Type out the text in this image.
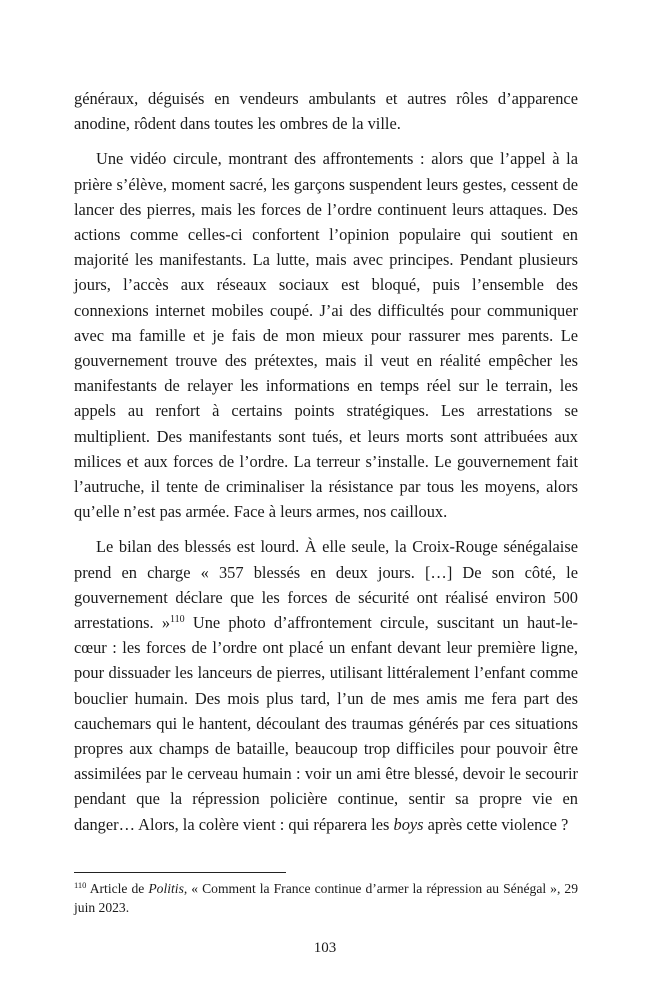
généraux, déguisés en vendeurs ambulants et autres rôles d’apparence anodine, rôdent dans toutes les ombres de la ville.

Une vidéo circule, montrant des affrontements : alors que l’appel à la prière s’élève, moment sacré, les garçons suspendent leurs gestes, cessent de lancer des pierres, mais les forces de l’ordre continuent leurs attaques. Des actions comme celles-ci confortent l’opinion populaire qui soutient en majorité les manifestants. La lutte, mais avec principes. Pendant plusieurs jours, l’accès aux réseaux sociaux est bloqué, puis l’ensemble des connexions internet mobiles coupé. J’ai des difficultés pour communiquer avec ma famille et je fais de mon mieux pour rassurer mes parents. Le gouvernement trouve des prétextes, mais il veut en réalité empêcher les manifestants de relayer les informations en temps réel sur le terrain, les appels au renfort à certains points stratégiques. Les arrestations se multiplient. Des manifestants sont tués, et leurs morts sont attribuées aux milices et aux forces de l’ordre. La terreur s’installe. Le gouvernement fait l’autruche, il tente de criminaliser la résistance par tous les moyens, alors qu’elle n’est pas armée. Face à leurs armes, nos cailloux.

Le bilan des blessés est lourd. À elle seule, la Croix-Rouge sénégalaise prend en charge « 357 blessés en deux jours. […] De son côté, le gouvernement déclare que les forces de sécurité ont réalisé environ 500 arrestations. »$^{110}$ Une photo d’affrontement circule, suscitant un haut-le-cœur : les forces de l’ordre ont placé un enfant devant leur première ligne, pour dissuader les lanceurs de pierres, utilisant littéralement l’enfant comme bouclier humain. Des mois plus tard, l’un de mes amis me fera part des cauchemars qui le hantent, découlant des traumas générés par ces situations propres aux champs de bataille, beaucoup trop difficiles pour pouvoir être assimilées par le cerveau humain : voir un ami être blessé, devoir le secourir pendant que la répression policière continue, sentir sa propre vie en danger… Alors, la colère vient : qui réparera les boys après cette violence ?

$^{110}$ Article de Politis, « Comment la France continue d’armer la répression au Sénégal », 29 juin 2023.

103
